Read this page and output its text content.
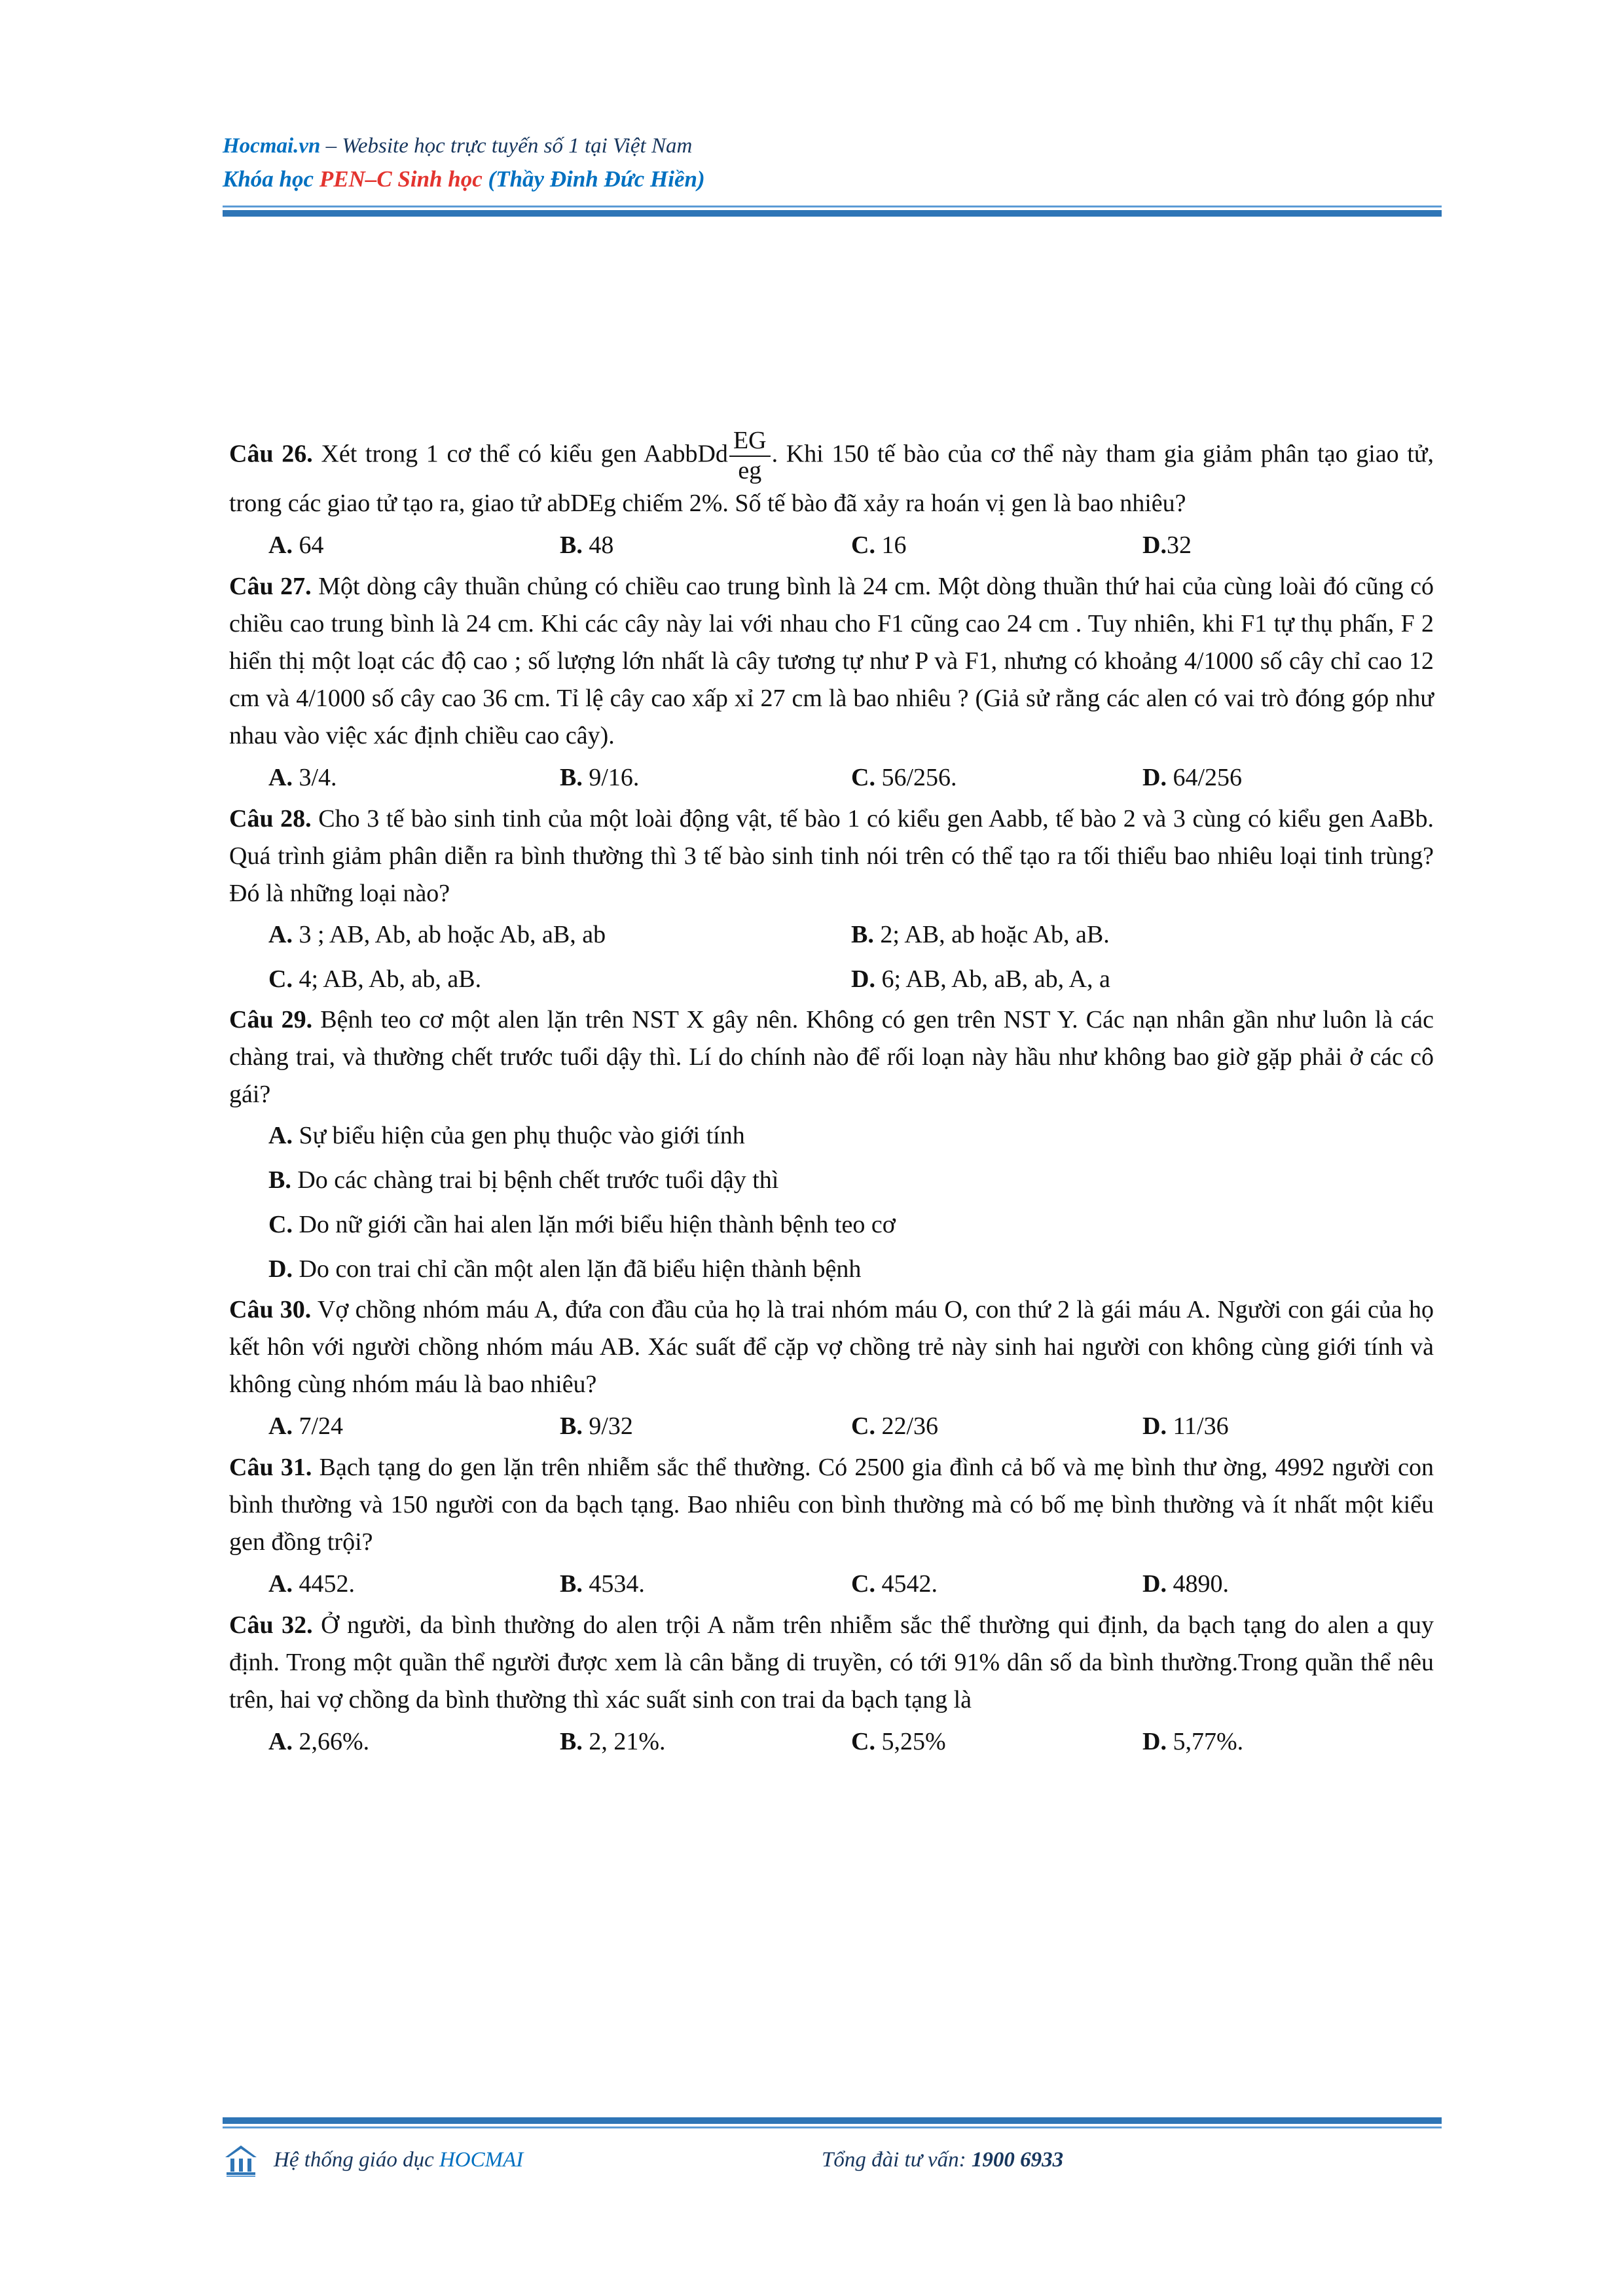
Hocmai.vn – Website học trực tuyến số 1 tại Việt Nam
Khóa học PEN–C Sinh học (Thầy Đinh Đức Hiền)

Câu 26. Xét trong 1 cơ thể có kiểu gen AabbDd $\frac{EG}{eg}$ . Khi 150 tế bào của cơ thể này tham gia giảm phân tạo giao tử, trong các giao tử tạo ra, giao tử abDEg chiếm 2%. Số tế bào đã xảy ra hoán vị gen là bao nhiêu?

A. 64	B. 48	C. 16	D.32

Câu 27. Một dòng cây thuần chủng có chiều cao trung bình là 24 cm. Một dòng thuần thứ hai của cùng loài đó cũng có chiều cao trung bình là 24 cm. Khi các cây này lai với nhau cho F1 cũng cao 24 cm . Tuy nhiên, khi F1 tự thụ phấn, F 2 hiển thị một loạt các độ cao ; số lượng lớn nhất là cây tương tự như P và F1, nhưng có khoảng 4/1000 số cây chỉ cao 12 cm và 4/1000 số cây cao 36 cm. Tỉ lệ cây cao xấp xỉ 27 cm là bao nhiêu ? (Giả sử rằng các alen có vai trò đóng góp như nhau vào việc xác định chiều cao cây).

A. 3/4.	B. 9/16.	C. 56/256.	D. 64/256

Câu 28. Cho 3 tế bào sinh tinh của một loài động vật, tế bào 1 có kiểu gen Aabb, tế bào 2 và 3 cùng có kiểu gen AaBb. Quá trình giảm phân diễn ra bình thường thì 3 tế bào sinh tinh nói trên có thể tạo ra tối thiểu bao nhiêu loại tinh trùng? Đó là những loại nào?

A. 3 ; AB, Ab, ab hoặc Ab, aB, ab	B. 2; AB, ab hoặc Ab, aB.
C. 4; AB, Ab, ab, aB.	D. 6; AB, Ab, aB, ab, A, a

Câu 29. Bệnh teo cơ một alen lặn trên NST X gây nên. Không có gen trên NST Y. Các nạn nhân gần như luôn là các chàng trai, và thường chết trước tuổi dậy thì. Lí do chính nào để rối loạn này hầu như không bao giờ gặp phải ở các cô gái?

A. Sự biểu hiện của gen phụ thuộc vào giới tính
B. Do các chàng trai bị bệnh chết trước tuổi dậy thì
C. Do nữ giới cần hai alen lặn mới biểu hiện thành bệnh teo cơ
D. Do con trai chỉ cần một alen lặn đã biểu hiện thành bệnh

Câu 30. Vợ chồng nhóm máu A, đứa con đầu của họ là trai nhóm máu O, con thứ 2 là gái máu A. Người con gái của họ kết hôn với người chồng nhóm máu AB. Xác suất để cặp vợ chồng trẻ này sinh hai người con không cùng giới tính và không cùng nhóm máu là bao nhiêu?

A. 7/24	B. 9/32	C. 22/36	D. 11/36

Câu 31. Bạch tạng do gen lặn trên nhiễm sắc thể thường. Có 2500 gia đình cả bố và mẹ bình thư ờng, 4992 người con bình thường và 150 người con da bạch tạng. Bao nhiêu con bình thường mà có bố mẹ bình thường và ít nhất một kiểu gen đồng trội?

A. 4452.	B. 4534.	C. 4542.	D. 4890.

Câu 32. Ở người, da bình thường do alen trội A nằm trên nhiễm sắc thể thường qui định, da bạch tạng do alen a quy định. Trong một quần thể người được xem là cân bằng di truyền, có tới 91% dân số da bình thường.Trong quần thể nêu trên, hai vợ chồng da bình thường thì xác suất sinh con trai da bạch tạng là

A. 2,66%.	B. 2, 21%.	C. 5,25%	D. 5,77%.
Hệ thống giáo dục HOCMAI	Tổng đài tư vấn: 1900 6933
